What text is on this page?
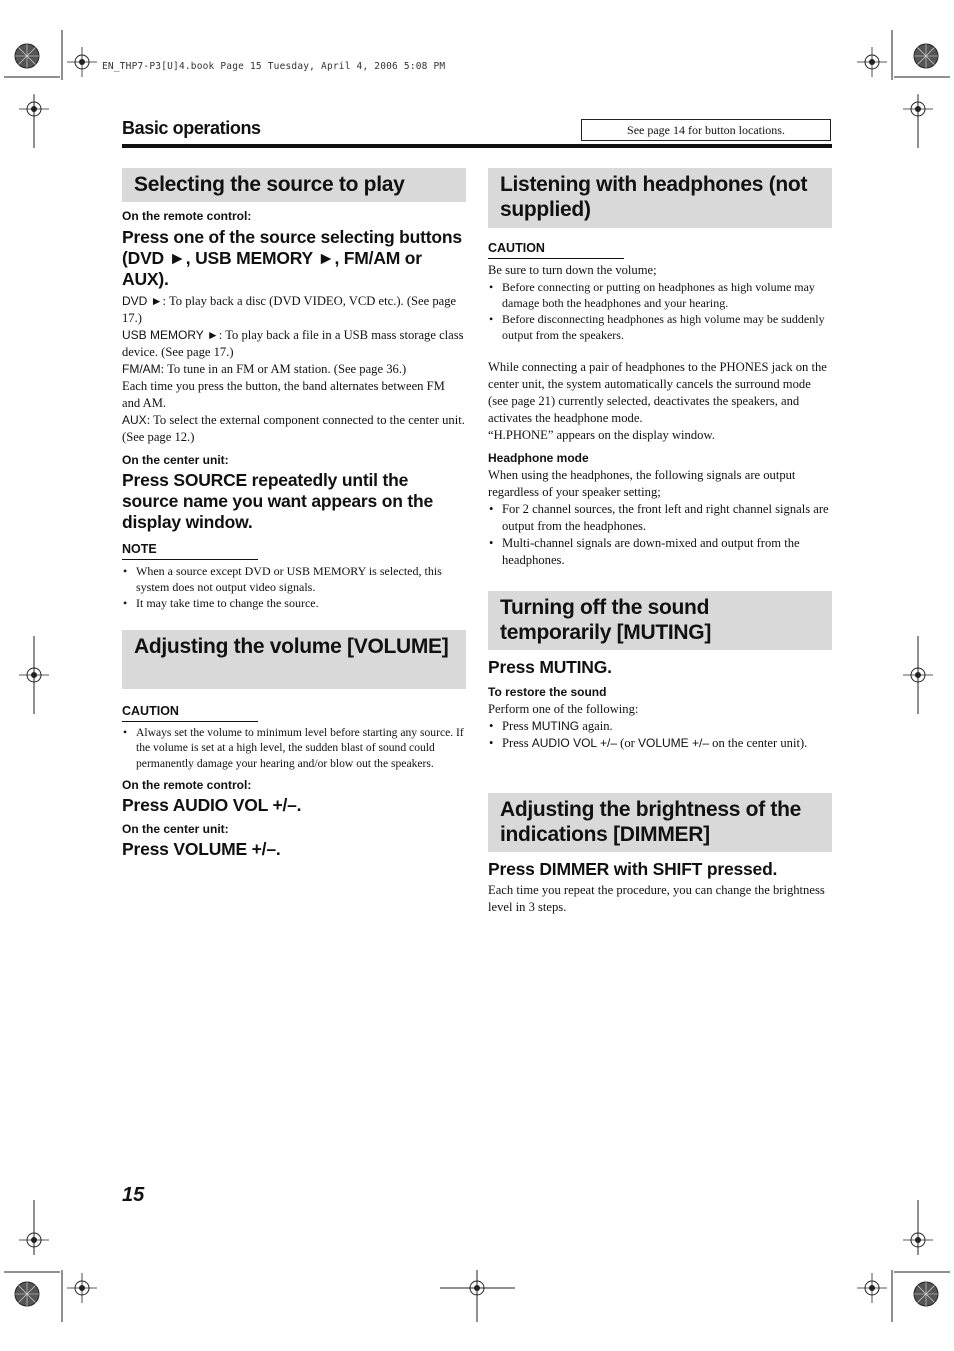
EN_THP7-P3[U]4.book Page 15 Tuesday, April 4, 2006 5:08 PM
Basic operations	See page 14 for button locations.
Selecting the source to play
On the remote control:
Press one of the source selecting buttons (DVD ►, USB MEMORY ►, FM/AM or AUX).

DVD ►: To play back a disc (DVD VIDEO, VCD etc.). (See page 17.)

USB MEMORY ►: To play back a file in a USB mass storage class device. (See page 17.)

FM/AM: To tune in an FM or AM station. (See page 36.)

Each time you press the button, the band alternates between FM and AM.

AUX: To select the external component connected to the center unit. (See page 12.)

On the center unit:
Press SOURCE repeatedly until the source name you want appears on the display window.
NOTE
• When a source except DVD or USB MEMORY is selected, this system does not output video signals.
• It may take time to change the source.
Adjusting the volume [VOLUME]
CAUTION
• Always set the volume to minimum level before starting any source. If the volume is set at a high level, the sudden blast of sound could permanently damage your hearing and/or blow out the speakers.
On the remote control:
Press AUDIO VOL +/–.
On the center unit:
Press VOLUME +/–.
Listening with headphones (not supplied)
CAUTION

Be sure to turn down the volume;

• Before connecting or putting on headphones as high volume may damage both the headphones and your hearing.
• Before disconnecting headphones as high volume may be suddenly output from the speakers.

While connecting a pair of headphones to the PHONES jack on the center unit, the system automatically cancels the surround mode (see page 21) currently selected, deactivates the speakers, and activates the headphone mode.

“H.PHONE” appears on the display window.

Headphone mode

When using the headphones, the following signals are output regardless of your speaker setting;

• For 2 channel sources, the front left and right channel signals are output from the headphones.
• Multi-channel signals are down-mixed and output from the headphones.
Turning off the sound temporarily [MUTING]
Press MUTING.
To restore the sound

Perform one of the following:

• Press MUTING again.
• Press AUDIO VOL +/– (or VOLUME +/– on the center unit).
Adjusting the brightness of the indications [DIMMER]
Press DIMMER with SHIFT pressed.

Each time you repeat the procedure, you can change the brightness level in 3 steps.

15
